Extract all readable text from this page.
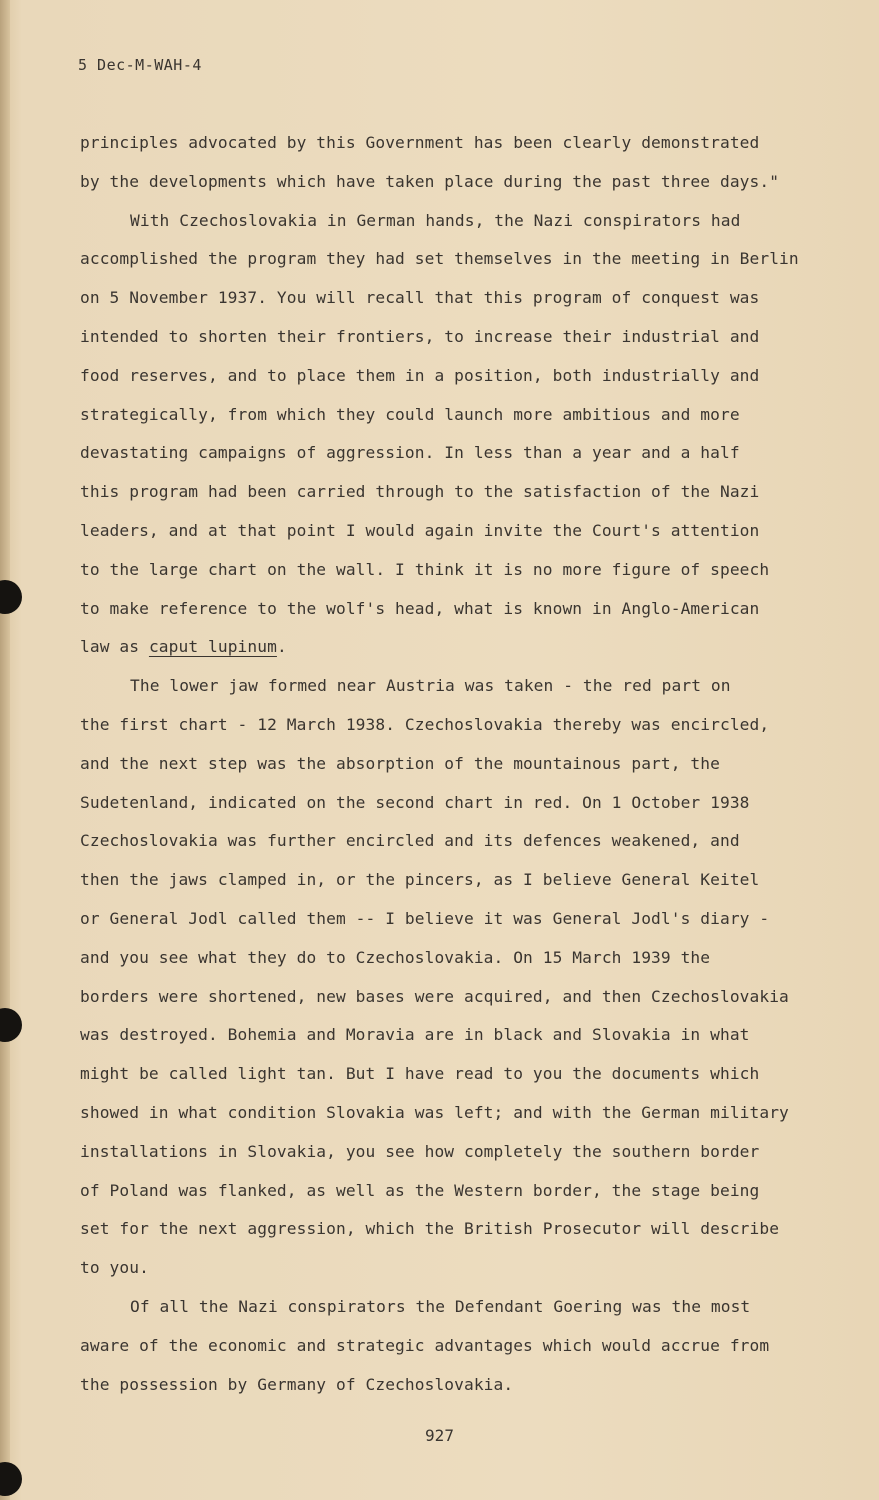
5 Dec-M-WAH-4
principles advocated by this Government has been clearly demonstrated
by the developments which have taken place during the past three days."
With Czechoslovakia in German hands, the Nazi conspirators had
accomplished the program they had set themselves in the meeting in Berlin
on 5 November 1937. You will recall that this program of conquest was
intended to shorten their frontiers, to increase their industrial and
food reserves, and to place them in a position, both industrially and
strategically, from which they could launch more ambitious and more
devastating campaigns of aggression. In less than a year and a half
this program had been carried through to the satisfaction of the Nazi
leaders, and at that point I would again invite the Court's attention
to the large chart on the wall. I think it is no more figure of speech
to make reference to the wolf's head, what is known in Anglo-American
law as caput lupinum.
The lower jaw formed near Austria was taken - the red part on
the first chart - 12 March 1938. Czechoslovakia thereby was encircled,
and the next step was the absorption of the mountainous part, the
Sudetenland, indicated on the second chart in red. On 1 October 1938
Czechoslovakia was further encircled and its defences weakened, and
then the jaws clamped in, or the pincers, as I believe General Keitel
or General Jodl called them -- I believe it was General Jodl's diary -
and you see what they do to Czechoslovakia. On 15 March 1939 the
borders were shortened, new bases were acquired, and then Czechoslovakia
was destroyed. Bohemia and Moravia are in black and Slovakia in what
might be called light tan. But I have read to you the documents which
showed in what condition Slovakia was left; and with the German military
installations in Slovakia, you see how completely the southern border
of Poland was flanked, as well as the Western border, the stage being
set for the next aggression, which the British Prosecutor will describe
to you.
Of all the Nazi conspirators the Defendant Goering was the most
aware of the economic and strategic advantages which would accrue from
the possession by Germany of Czechoslovakia.
927
